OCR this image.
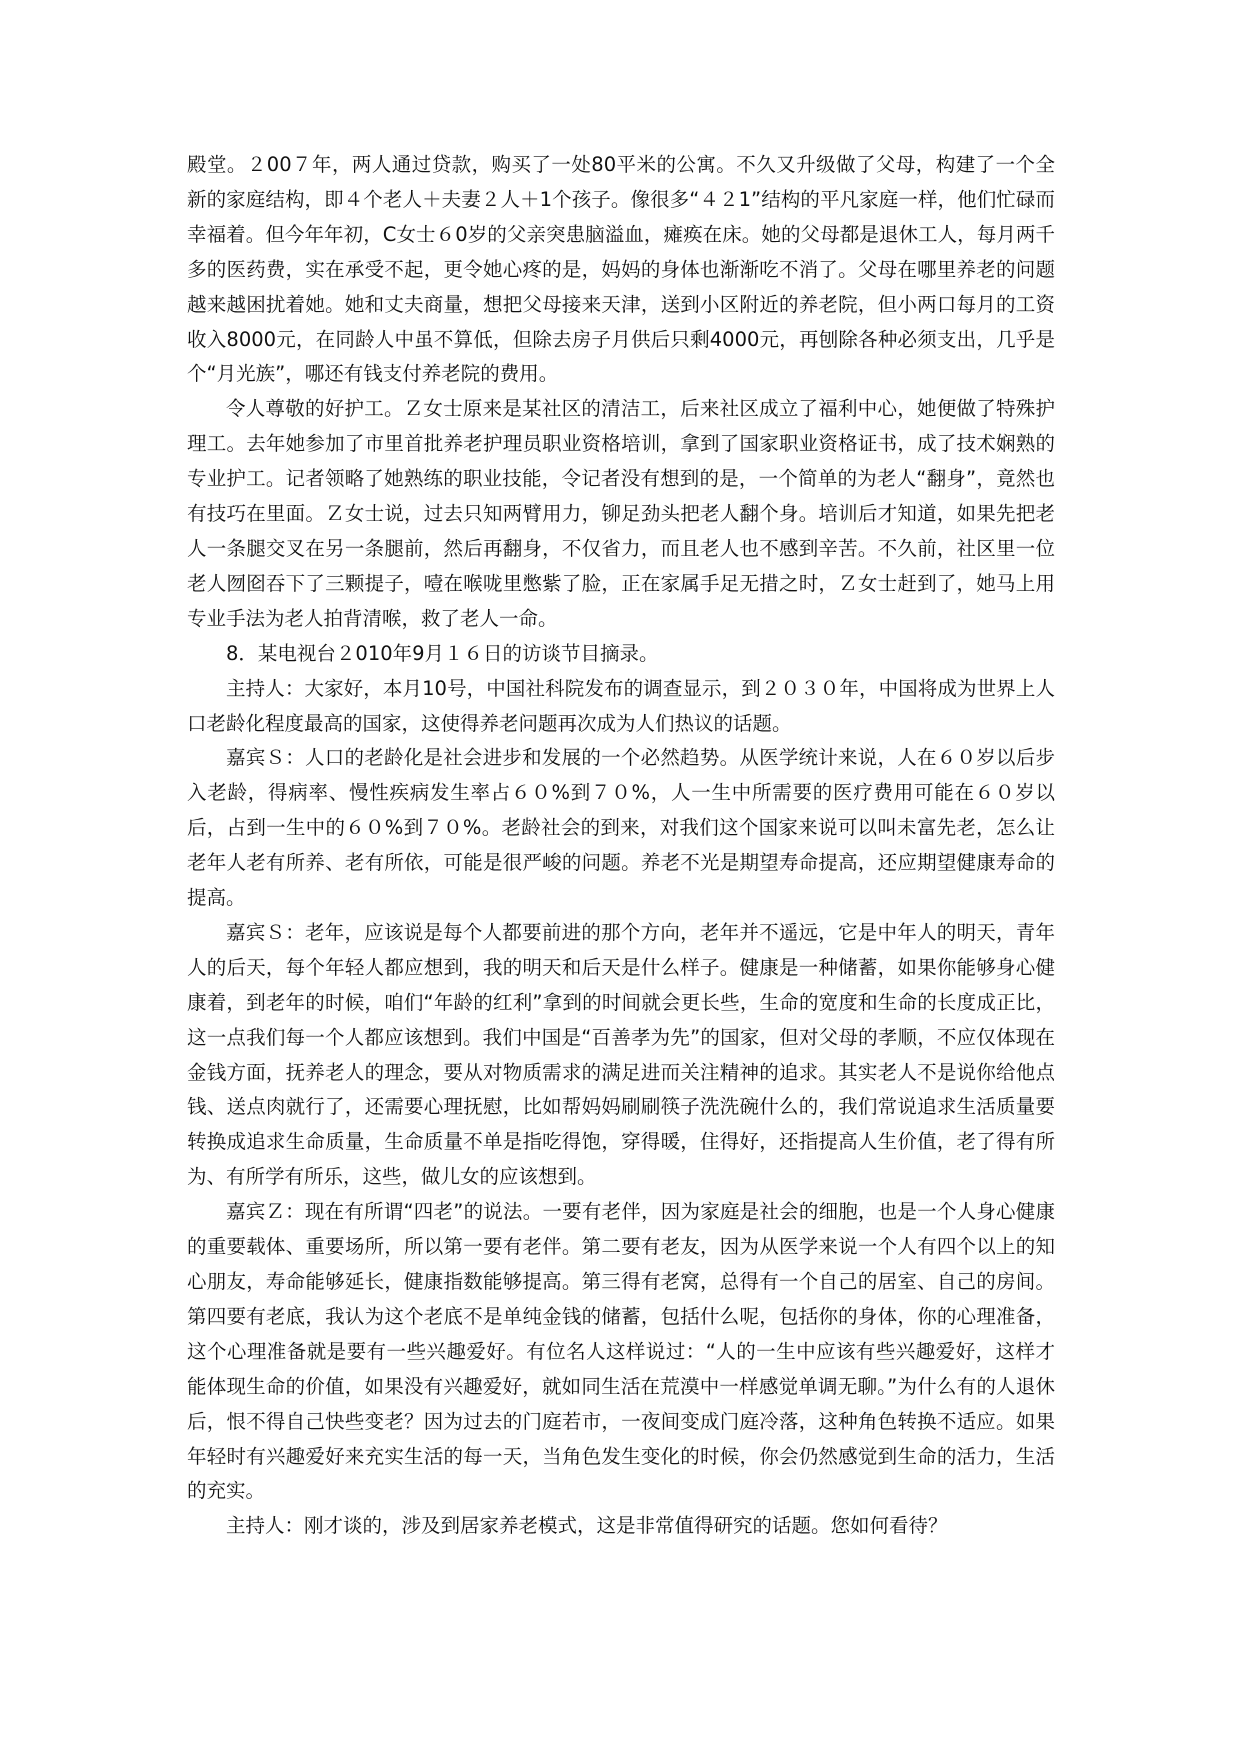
殿堂。２00７年，两人通过贷款，购买了一处80平米的公寓。不久又升级做了父母，构建了一个全新的家庭结构，即４个老人＋夫妻２人＋1个孩子。像很多“４２1”结构的平凡家庭一样，他们忙碌而幸福着。但今年年初，C女士６0岁的父亲突患脑溢血，瘫痪在床。她的父母都是退休工人，每月两千多的医药费，实在承受不起，更令她心疼的是，妈妈的身体也渐渐吃不消了。父母在哪里养老的问题越来越困扰着她。她和丈夫商量，想把父母接来天津，送到小区附近的养老院，但小两口每月的工资收入8000元，在同龄人中虽不算低，但除去房子月供后只剩4000元，再刨除各种必须支出，几乎是个“月光族”，哪还有钱支付养老院的费用。

令人尊敬的好护工。Ｚ女士原来是某社区的清洁工，后来社区成立了福利中心，她便做了特殊护理工。去年她参加了市里首批养老护理员职业资格培训，拿到了国家职业资格证书，成了技术娴熟的专业护工。记者领略了她熟练的职业技能，令记者没有想到的是，一个简单的为老人“翻身”，竟然也有技巧在里面。Ｚ女士说，过去只知两臂用力，铆足劲头把老人翻个身。培训后才知道，如果先把老人一条腿交叉在另一条腿前，然后再翻身，不仅省力，而且老人也不感到辛苦。不久前，社区里一位老人囫囵吞下了三颗提子，噎在喉咙里憋紫了脸，正在家属手足无措之时，Ｚ女士赶到了，她马上用专业手法为老人拍背清喉，救了老人一命。

8．某电视台２010年9月１６日的访谈节目摘录。

主持人：大家好，本月10号，中国社科院发布的调查显示，到２０３０年，中国将成为世界上人口老龄化程度最高的国家，这使得养老问题再次成为人们热议的话题。

嘉宾Ｓ：人口的老龄化是社会进步和发展的一个必然趋势。从医学统计来说，人在６０岁以后步入老龄，得病率、慢性疾病发生率占６０%到７０%，人一生中所需要的医疗费用可能在６０岁以后，占到一生中的６０%到７０%。老龄社会的到来，对我们这个国家来说可以叫未富先老，怎么让老年人老有所养、老有所依，可能是很严峻的问题。养老不光是期望寿命提高，还应期望健康寿命的提高。

嘉宾Ｓ：老年，应该说是每个人都要前进的那个方向，老年并不遥远，它是中年人的明天，青年人的后天，每个年轻人都应想到，我的明天和后天是什么样子。健康是一种储蓄，如果你能够身心健康着，到老年的时候，咱们“年龄的红利”拿到的时间就会更长些，生命的宽度和生命的长度成正比，这一点我们每一个人都应该想到。我们中国是“百善孝为先”的国家，但对父母的孝顺，不应仅体现在金钱方面，抚养老人的理念，要从对物质需求的满足进而关注精神的追求。其实老人不是说你给他点钱、送点肉就行了，还需要心理抚慰，比如帮妈妈刷刷筷子洗洗碗什么的，我们常说追求生活质量要转换成追求生命质量，生命质量不单是指吃得饱，穿得暖，住得好，还指提高人生价值，老了得有所为、有所学有所乐，这些，做儿女的应该想到。

嘉宾Ｚ：现在有所谓“四老”的说法。一要有老伴，因为家庭是社会的细胞，也是一个人身心健康的重要载体、重要场所，所以第一要有老伴。第二要有老友，因为从医学来说一个人有四个以上的知心朋友，寿命能够延长，健康指数能够提高。第三得有老窝，总得有一个自己的居室、自己的房间。第四要有老底，我认为这个老底不是单纯金钱的储蓄，包括什么呢，包括你的身体，你的心理准备，这个心理准备就是要有一些兴趣爱好。有位名人这样说过：“人的一生中应该有些兴趣爱好，这样才能体现生命的价值，如果没有兴趣爱好，就如同生活在荒漠中一样感觉单调无聊。”为什么有的人退休后，恨不得自己快些变老？因为过去的门庭若市，一夜间变成门庭冷落，这种角色转换不适应。如果年轻时有兴趣爱好来充实生活的每一天，当角色发生变化的时候，你会仍然感觉到生命的活力，生活的充实。

主持人：刚才谈的，涉及到居家养老模式，这是非常值得研究的话题。您如何看待？
